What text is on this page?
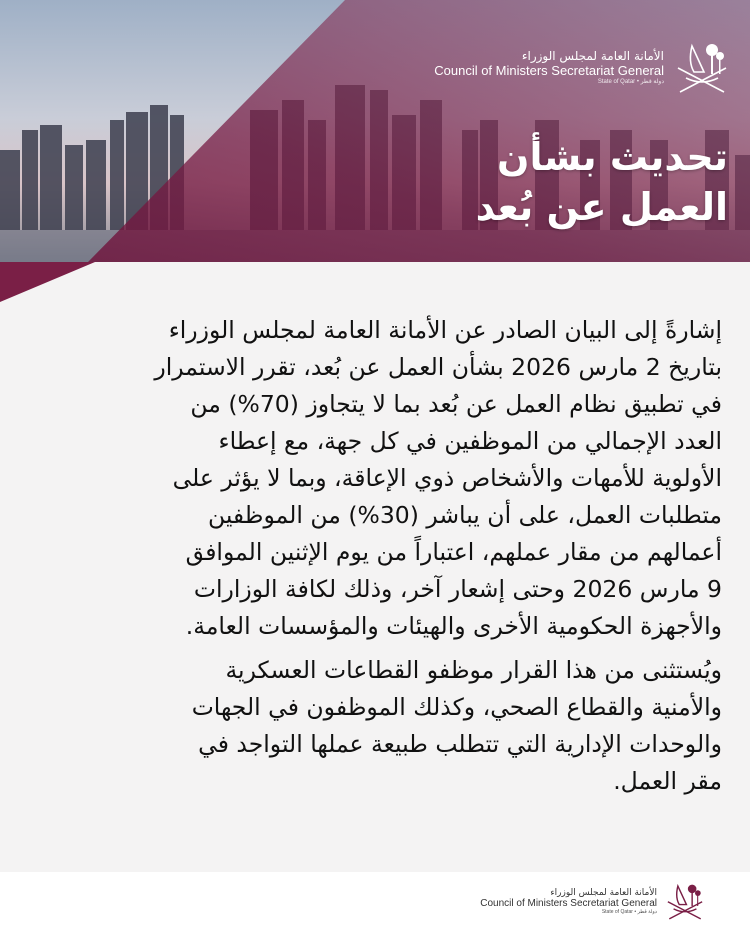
الأمانة العامة لمجلس الوزراء
Council of Ministers Secretariat General
State of Qatar • دولة قطر
تحديث بشأن
العمل عن بُعد
إشارةً إلى البيان الصادر عن الأمانة العامة لمجلس الوزراء
بتاريخ 2 مارس 2026 بشأن العمل عن بُعد، تقرر الاستمرار
في تطبيق نظام العمل عن بُعد بما لا يتجاوز (70%) من
العدد الإجمالي من الموظفين في كل جهة، مع إعطاء
الأولوية للأمهات والأشخاص ذوي الإعاقة، وبما لا يؤثر على
متطلبات العمل، على أن يباشر (30%) من الموظفين
أعمالهم من مقار عملهم، اعتباراً من يوم الإثنين الموافق
9 مارس 2026 وحتى إشعار آخر، وذلك لكافة الوزارات
والأجهزة الحكومية الأخرى والهيئات والمؤسسات العامة.
ويُستثنى من هذا القرار موظفو القطاعات العسكرية
والأمنية والقطاع الصحي، وكذلك الموظفون في الجهات
والوحدات الإدارية التي تتطلب طبيعة عملها التواجد في
مقر العمل.
الأمانة العامة لمجلس الوزراء
Council of Ministers Secretariat General
State of Qatar • دولة قطر
